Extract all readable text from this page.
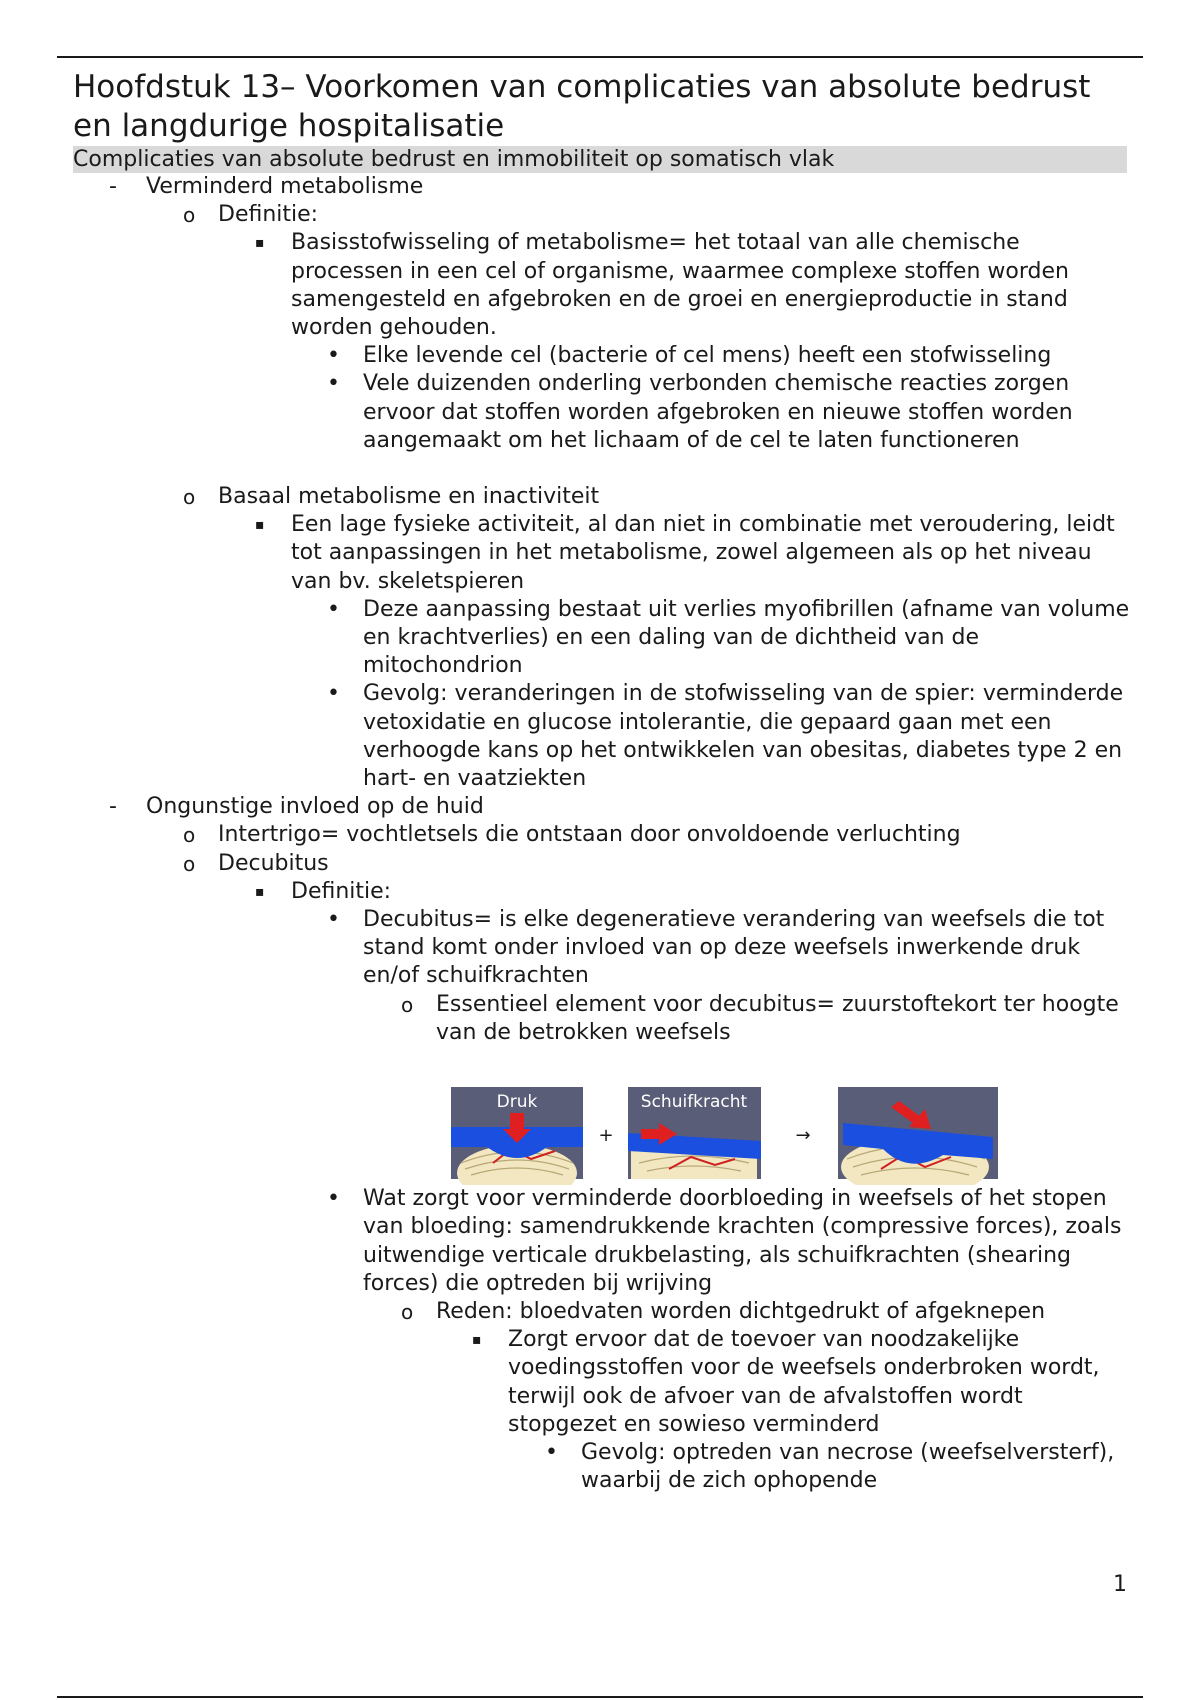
Hoofdstuk 13– Voorkomen van complicaties van absolute bedrust en langdurige hospitalisatie
Complicaties van absolute bedrust en immobiliteit op somatisch vlak
- Verminderd metabolisme
o Definitie:
▪ Basisstofwisseling of metabolisme= het totaal van alle chemische processen in een cel of organisme, waarmee complexe stoffen worden samengesteld en afgebroken en de groei en energieproductie in stand worden gehouden.
• Elke levende cel (bacterie of cel mens) heeft een stofwisseling
• Vele duizenden onderling verbonden chemische reacties zorgen ervoor dat stoffen worden afgebroken en nieuwe stoffen worden aangemaakt om het lichaam of de cel te laten functioneren
o Basaal metabolisme en inactiviteit
▪ Een lage fysieke activiteit, al dan niet in combinatie met veroudering, leidt tot aanpassingen in het metabolisme, zowel algemeen als op het niveau van bv. skeletspieren
• Deze aanpassing bestaat uit verlies myofibrillen (afname van volume en krachtverlies) en een daling van de dichtheid van de mitochondrion
• Gevolg: veranderingen in de stofwisseling van de spier: verminderde vetoxidatie en glucose intolerantie, die gepaard gaan met een verhoogde kans op het ontwikkelen van obesitas, diabetes type 2 en hart- en vaatziekten
- Ongunstige invloed op de huid
o Intertrigo= vochtletsels die ontstaan door onvoldoende verluchting
o Decubitus
▪ Definitie:
• Decubitus= is elke degeneratieve verandering van weefsels die tot stand komt onder invloed van op deze weefsels inwerkende druk en/of schuifkrachten
o Essentieel element voor decubitus= zuurstoftekort ter hoogte van de betrokken weefsels
Druk
+
Schuifkracht
→
• Wat zorgt voor verminderde doorbloeding in weefsels of het stopen van bloeding: samendrukkende krachten (compressive forces), zoals uitwendige verticale drukbelasting, als schuifkrachten (shearing forces) die optreden bij wrijving
o Reden: bloedvaten worden dichtgedrukt of afgeknepen
▪ Zorgt ervoor dat de toevoer van noodzakelijke voedingsstoffen voor de weefsels onderbroken wordt, terwijl ook de afvoer van de afvalstoffen wordt stopgezet en sowieso verminderd
• Gevolg: optreden van necrose (weefselversterf), waarbij de zich ophopende
1
